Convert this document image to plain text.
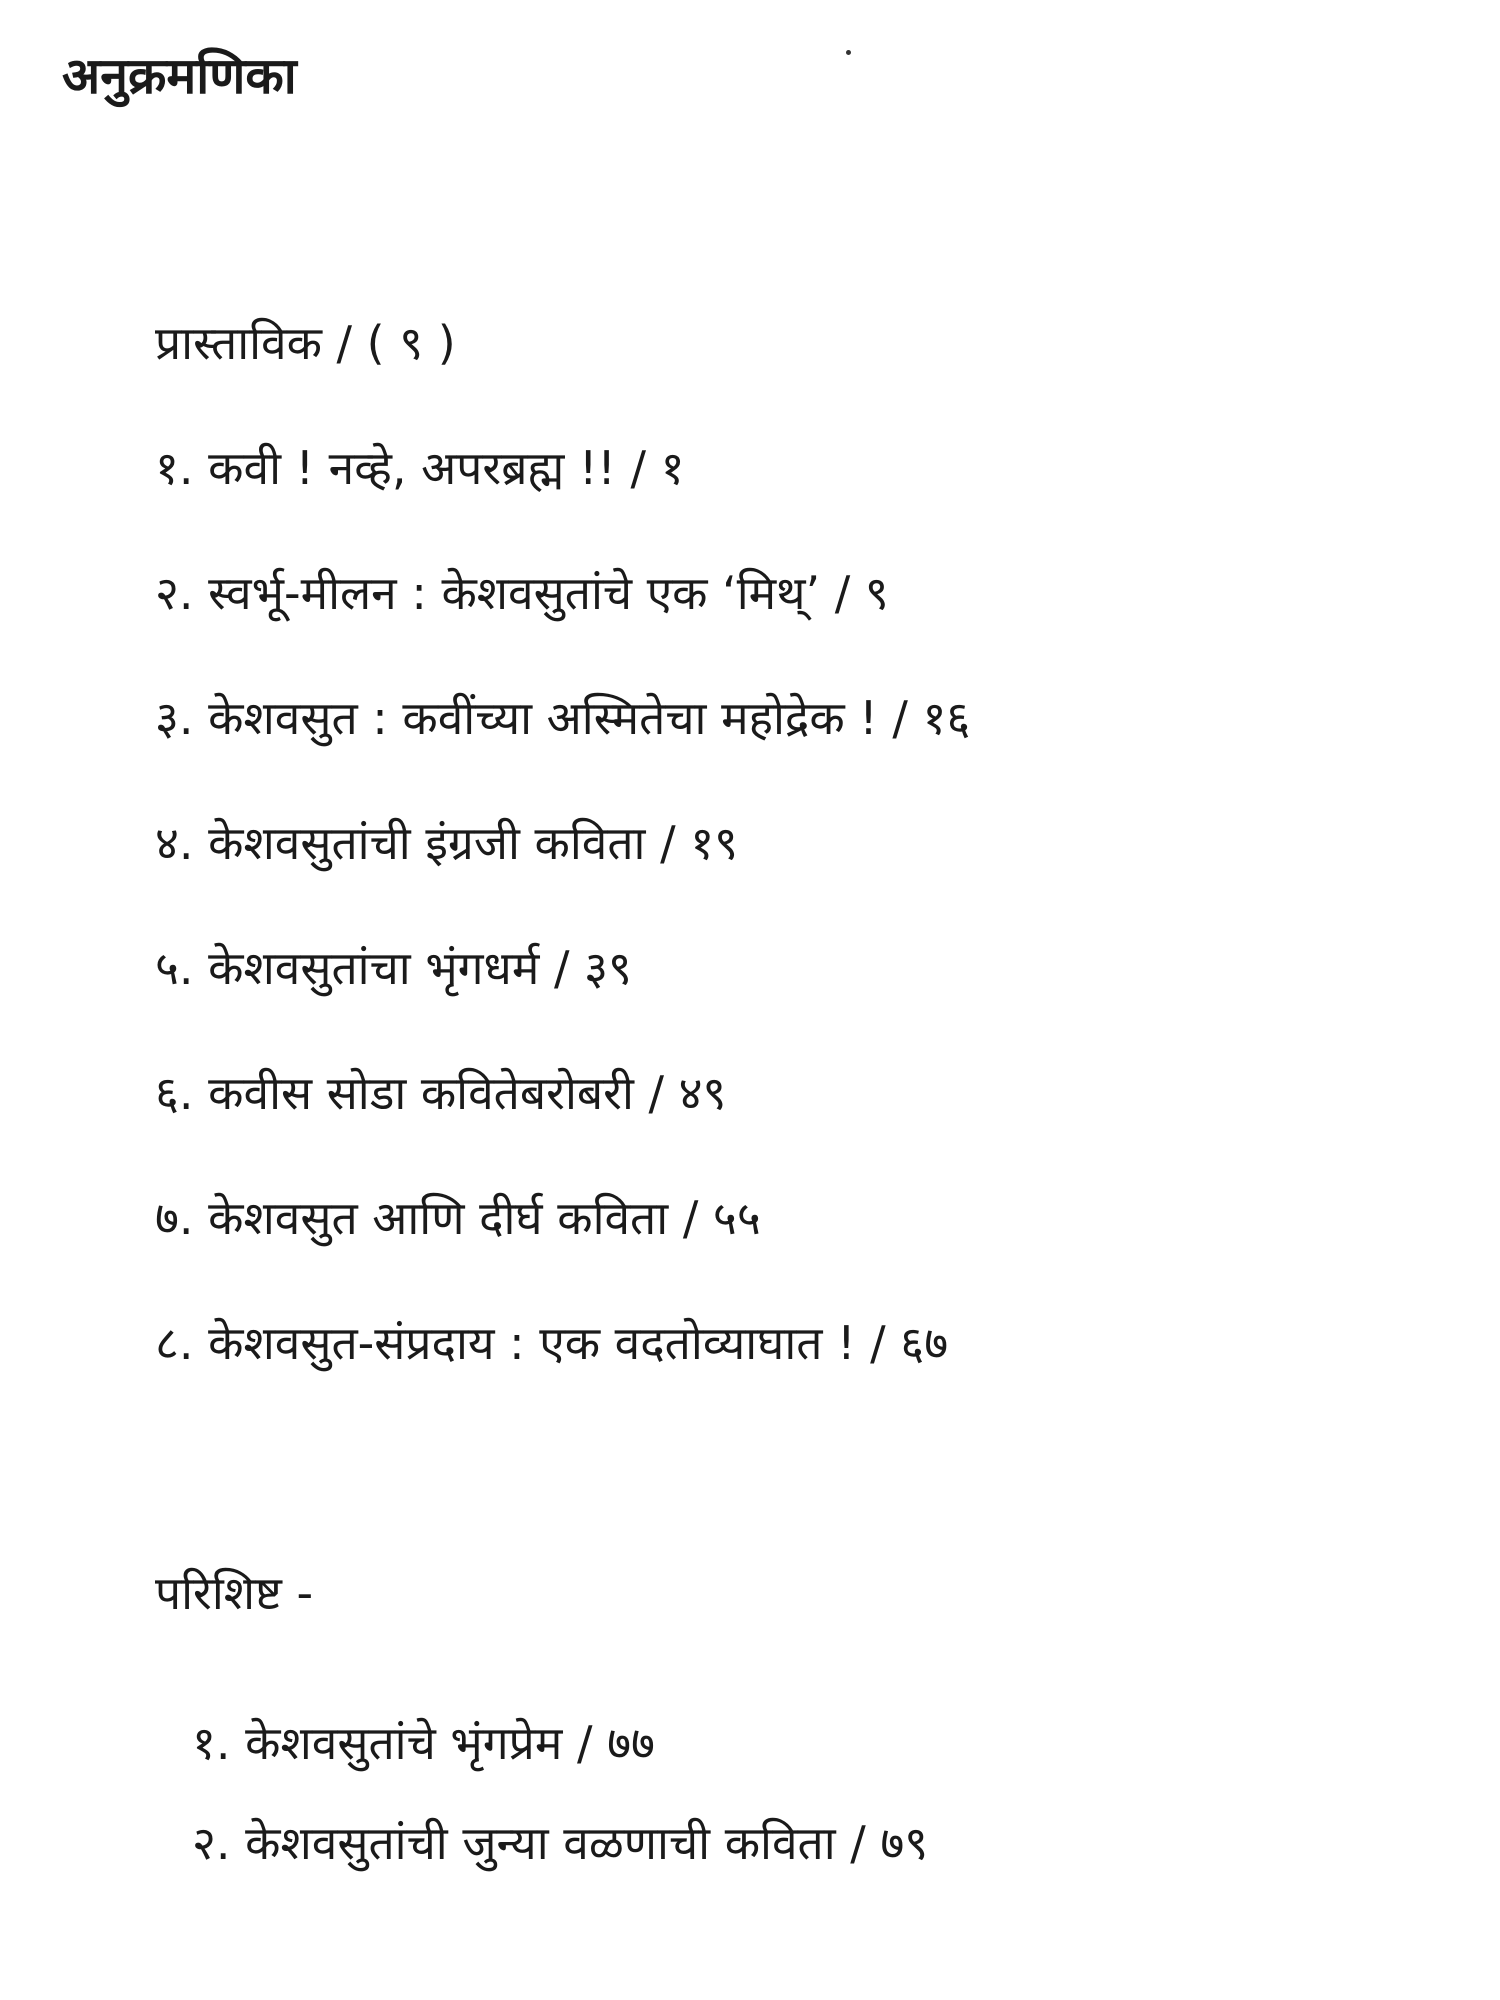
अनुक्रमणिका
प्रास्ताविक / ( ९ )
१. कवी ! नव्हे, अपरब्रह्म !! / १
२. स्वर्भू-मीलन : केशवसुतांचे एक ‘मिथ्’ / ९
३. केशवसुत : कवींच्या अस्मितेचा महोद्रेक ! / १६
४. केशवसुतांची इंग्रजी कविता / १९
५. केशवसुतांचा भृंगधर्म / ३९
६. कवीस सोडा कवितेबरोबरी / ४९
७. केशवसुत आणि दीर्घ कविता / ५५
८. केशवसुत-संप्रदाय : एक वदतोव्याघात ! / ६७
परिशिष्ट -
१. केशवसुतांचे भृंगप्रेम / ७७
२. केशवसुतांची जुन्या वळणाची कविता / ७९
